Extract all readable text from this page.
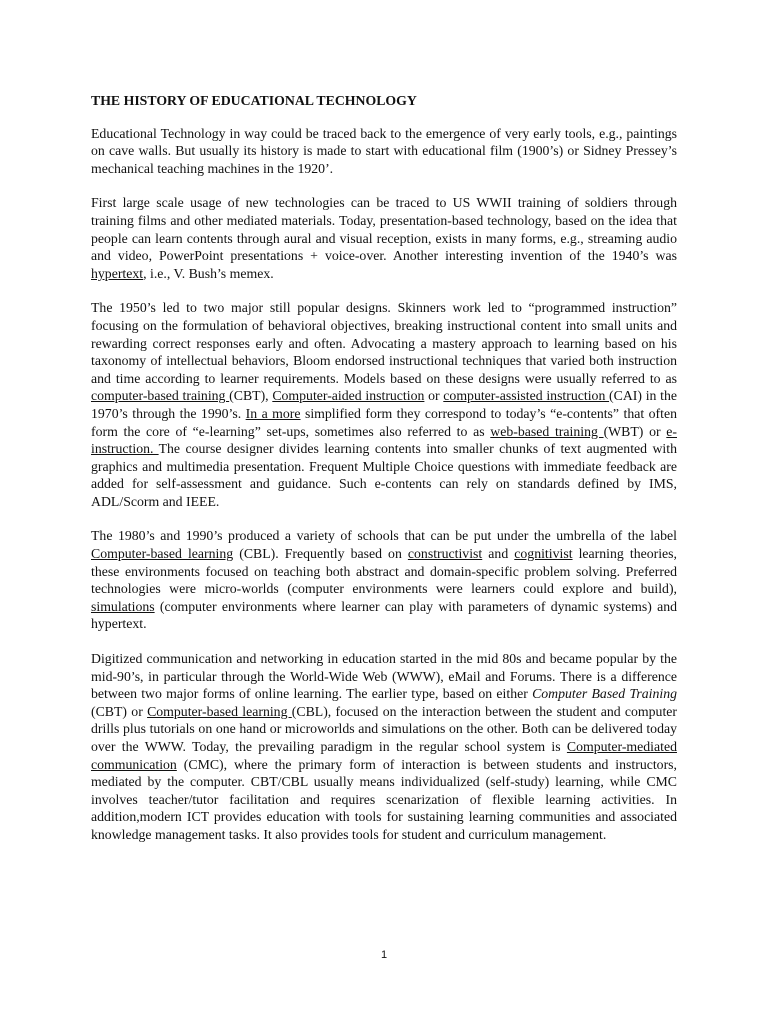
THE HISTORY OF EDUCATIONAL TECHNOLOGY

Educational Technology in way could be traced back to the emergence of very early tools, e.g., paintings on cave walls. But usually its history is made to start with educational film (1900’s) or Sidney Pressey’s mechanical teaching machines in the 1920’.

First large scale usage of new technologies can be traced to US WWII training of soldiers through training films and other mediated materials. Today, presentation-based technology, based on the idea that people can learn contents through aural and visual reception, exists in many forms, e.g., streaming audio and video, PowerPoint presentations + voice-over. Another interesting invention of the 1940’s was hypertext, i.e., V. Bush’s memex.

The 1950’s led to two major still popular designs. Skinners work led to “programmed instruction” focusing on the formulation of behavioral objectives, breaking instructional content into small units and rewarding correct responses early and often. Advocating a mastery approach to learning based on his taxonomy of intellectual behaviors, Bloom endorsed instructional techniques that varied both instruction and time according to learner requirements. Models based on these designs were usually referred to as computer-based training (CBT), Computer-aided instruction or computer-assisted instruction (CAI) in the 1970’s through the 1990’s. In a more simplified form they correspond to today’s “e-contents” that often form the core of “e-learning” set-ups, sometimes also referred to as web-based training (WBT) or e-instruction. The course designer divides learning contents into smaller chunks of text augmented with graphics and multimedia presentation. Frequent Multiple Choice questions with immediate feedback are added for self-assessment and guidance. Such e-contents can rely on standards defined by IMS, ADL/Scorm and IEEE.

The 1980’s and 1990’s produced a variety of schools that can be put under the umbrella of the label Computer-based learning (CBL). Frequently based on constructivist and cognitivist learning theories, these environments focused on teaching both abstract and domain-specific problem solving. Preferred technologies were micro-worlds (computer environments were learners could explore and build), simulations (computer environments where learner can play with parameters of dynamic systems) and hypertext.

Digitized communication and networking in education started in the mid 80s and became popular by the mid-90’s, in particular through the World-Wide Web (WWW), eMail and Forums. There is a difference between two major forms of online learning. The earlier type, based on either Computer Based Training (CBT) or Computer-based learning (CBL), focused on the interaction between the student and computer drills plus tutorials on one hand or microworlds and simulations on the other. Both can be delivered today over the WWW. Today, the prevailing paradigm in the regular school system is Computer-mediated communication (CMC), where the primary form of interaction is between students and instructors, mediated by the computer. CBT/CBL usually means individualized (self-study) learning, while CMC involves teacher/tutor facilitation and requires scenarization of flexible learning activities. In addition,modern ICT provides education with tools for sustaining learning communities and associated knowledge management tasks. It also provides tools for student and curriculum management.

1
